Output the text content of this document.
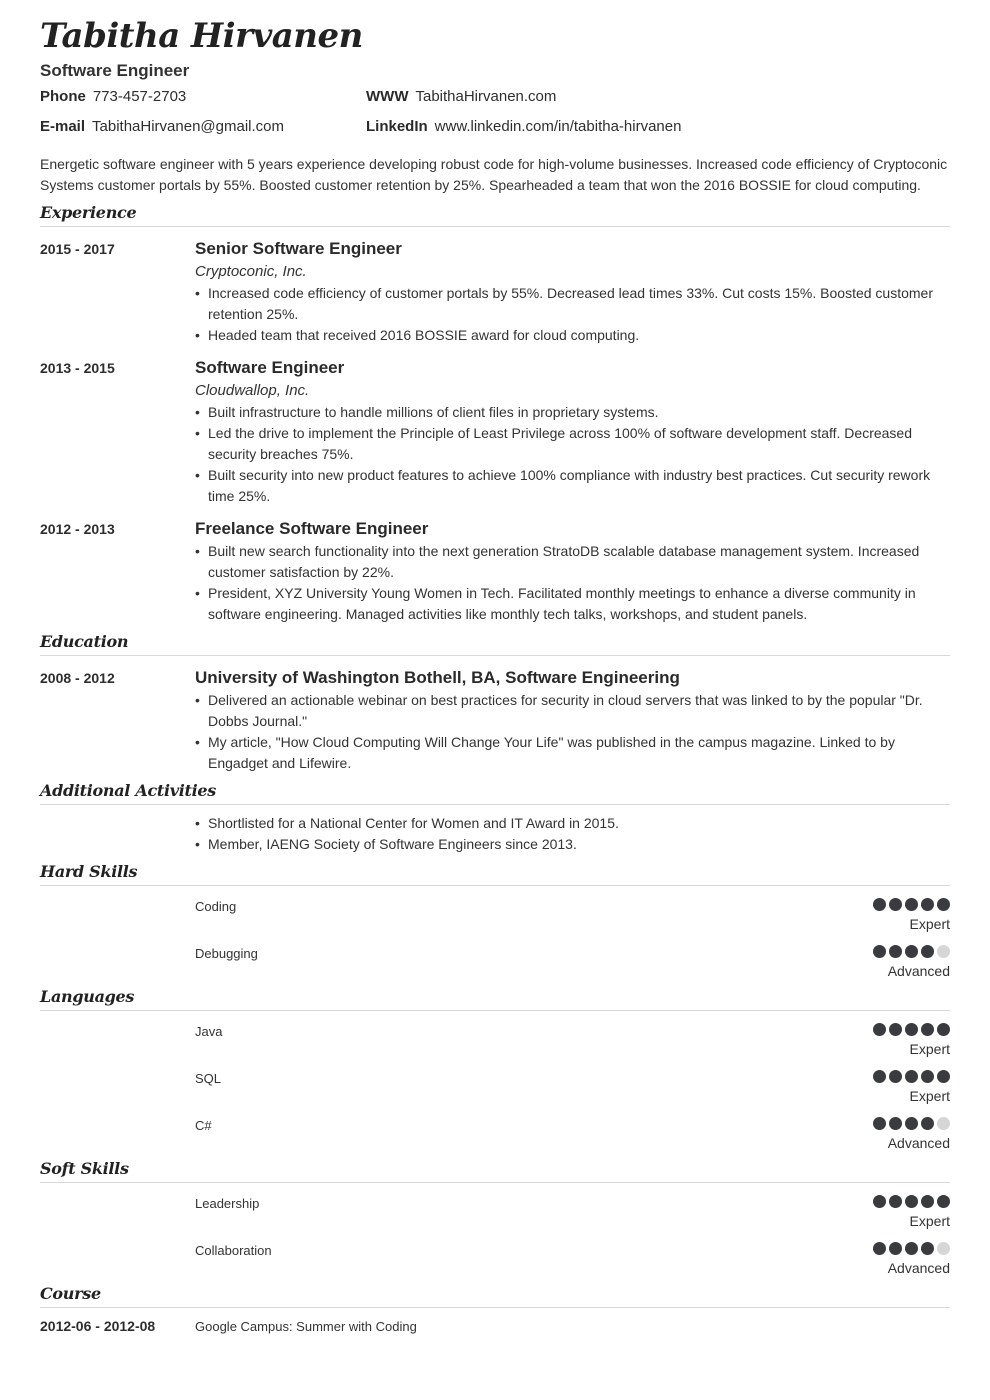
Tabitha Hirvanen
Software Engineer
Phone 773-457-2703	WWW TabithaHirvanen.com
E-mail TabithaHirvanen@gmail.com	LinkedIn www.linkedin.com/in/tabitha-hirvanen
Energetic software engineer with 5 years experience developing robust code for high-volume businesses. Increased code efficiency of Cryptoconic Systems customer portals by 55%. Boosted customer retention by 25%. Spearheaded a team that won the 2016 BOSSIE for cloud computing.
Experience
2015 - 2017	Senior Software Engineer
Cryptoconic, Inc.
• Increased code efficiency of customer portals by 55%. Decreased lead times 33%. Cut costs 15%. Boosted customer retention 25%.
• Headed team that received 2016 BOSSIE award for cloud computing.
2013 - 2015	Software Engineer
Cloudwallop, Inc.
• Built infrastructure to handle millions of client files in proprietary systems.
• Led the drive to implement the Principle of Least Privilege across 100% of software development staff. Decreased security breaches 75%.
• Built security into new product features to achieve 100% compliance with industry best practices. Cut security rework time 25%.
2012 - 2013	Freelance Software Engineer
• Built new search functionality into the next generation StratoDB scalable database management system. Increased customer satisfaction by 22%.
• President, XYZ University Young Women in Tech. Facilitated monthly meetings to enhance a diverse community in software engineering. Managed activities like monthly tech talks, workshops, and student panels.
Education
2008 - 2012	University of Washington Bothell, BA, Software Engineering
• Delivered an actionable webinar on best practices for security in cloud servers that was linked to by the popular "Dr. Dobbs Journal."
• My article, "How Cloud Computing Will Change Your Life" was published in the campus magazine. Linked to by Engadget and Lifewire.
Additional Activities
• Shortlisted for a National Center for Women and IT Award in 2015.
• Member, IAENG Society of Software Engineers since 2013.
Hard Skills
Coding
Expert
Debugging
Advanced
Languages
Java
Expert
SQL
Expert
C#
Advanced
Soft Skills
Leadership
Expert
Collaboration
Advanced
Course
2012-06 - 2012-08	Google Campus: Summer with Coding
